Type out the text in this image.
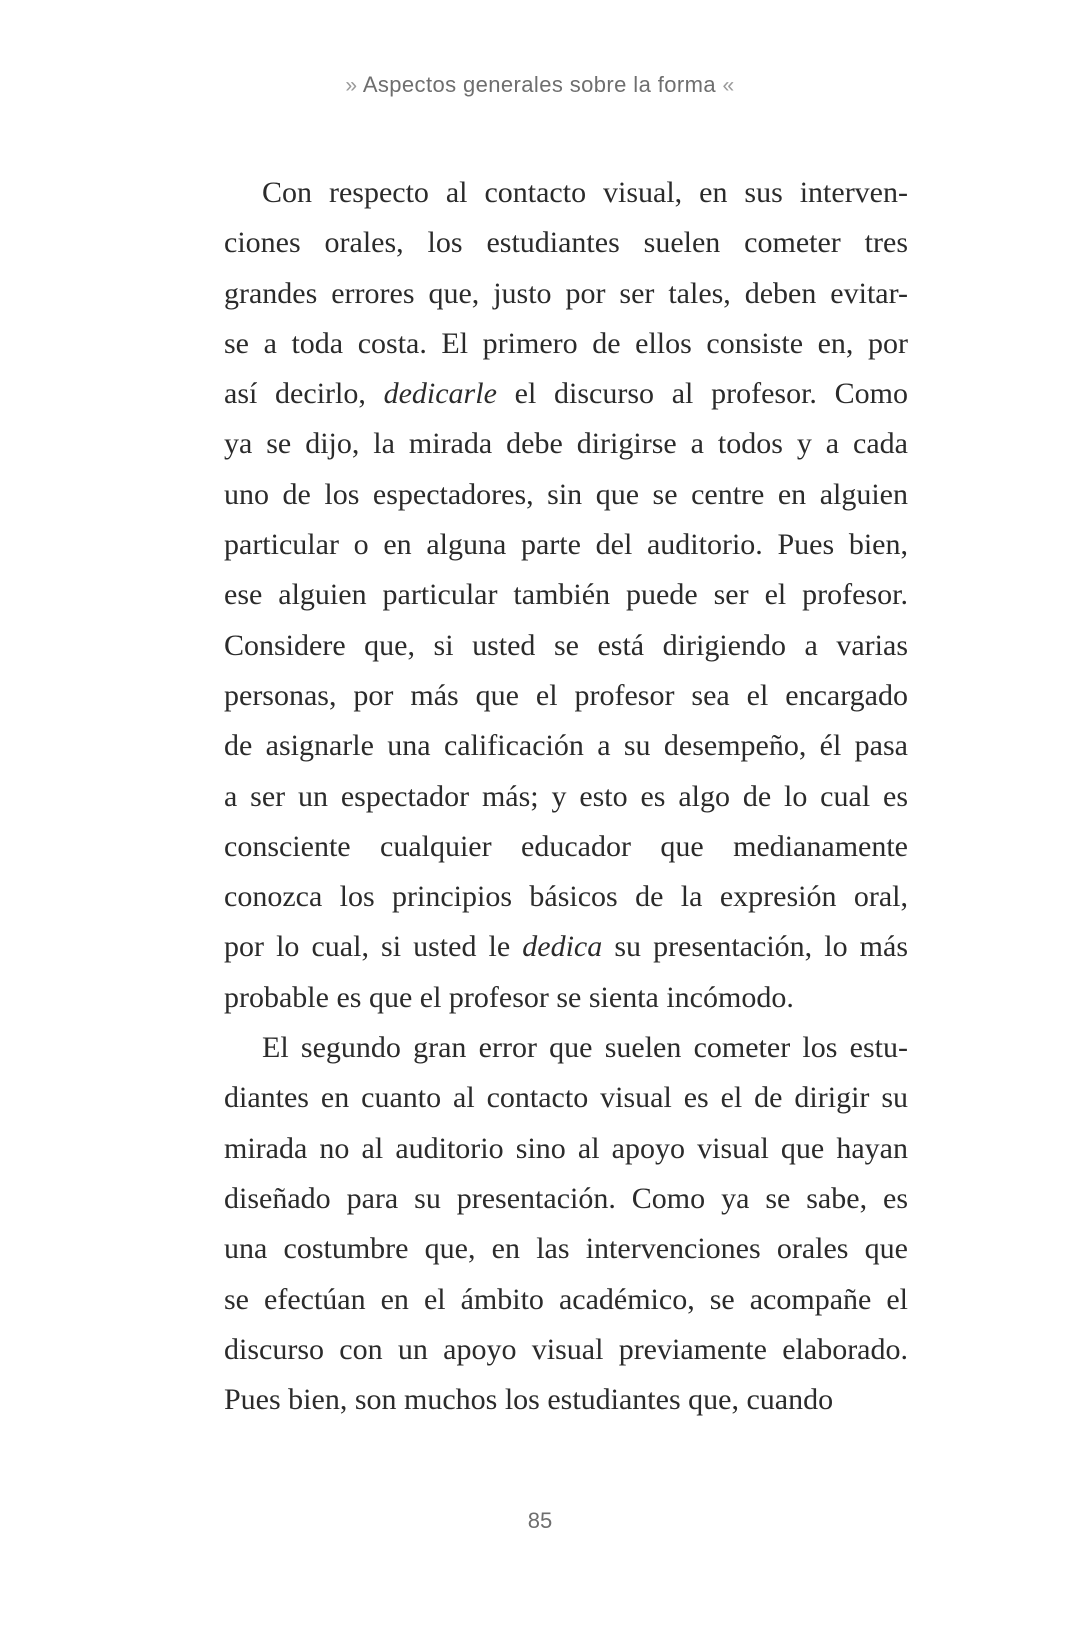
» Aspectos generales sobre la forma «
Con respecto al contacto visual, en sus interven-
ciones orales, los estudiantes suelen cometer tres
grandes errores que, justo por ser tales, deben evitar-
se a toda costa. El primero de ellos consiste en, por
así decirlo, dedicarle el discurso al profesor. Como
ya se dijo, la mirada debe dirigirse a todos y a cada
uno de los espectadores, sin que se centre en alguien
particular o en alguna parte del auditorio. Pues bien,
ese alguien particular también puede ser el profesor.
Considere que, si usted se está dirigiendo a varias
personas, por más que el profesor sea el encargado
de asignarle una calificación a su desempeño, él pasa
a ser un espectador más; y esto es algo de lo cual es
consciente cualquier educador que medianamente
conozca los principios básicos de la expresión oral,
por lo cual, si usted le dedica su presentación, lo más
probable es que el profesor se sienta incómodo.
El segundo gran error que suelen cometer los estu-
diantes en cuanto al contacto visual es el de dirigir su
mirada no al auditorio sino al apoyo visual que hayan
diseñado para su presentación. Como ya se sabe, es
una costumbre que, en las intervenciones orales que
se efectúan en el ámbito académico, se acompañe el
discurso con un apoyo visual previamente elaborado.
Pues bien, son muchos los estudiantes que, cuando
85
